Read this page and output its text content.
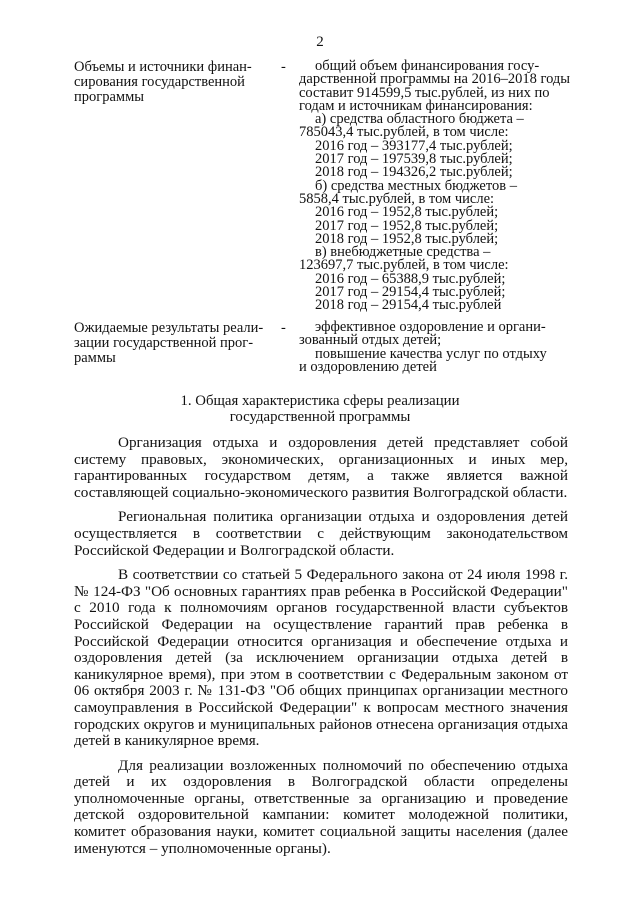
2
Объемы и источники финан-
сирования государственной
программы
- общий объем финансирования госу-
дарственной программы на 2016–2018 годы
составит 914599,5 тыс.рублей, из них по
годам и источникам финансирования:
а) средства областного бюджета –
785043,4 тыс.рублей, в том числе:
2016 год – 393177,4 тыс.рублей;
2017 год – 197539,8 тыс.рублей;
2018 год – 194326,2 тыс.рублей;
б) средства местных бюджетов –
5858,4 тыс.рублей, в том числе:
2016 год – 1952,8 тыс.рублей;
2017 год – 1952,8 тыс.рублей;
2018 год – 1952,8 тыс.рублей;
в) внебюджетные средства –
123697,7 тыс.рублей, в том числе:
2016 год – 65388,9 тыс.рублей;
2017 год – 29154,4 тыс.рублей;
2018 год – 29154,4 тыс.рублей
Ожидаемые результаты реали-
зации государственной прог-
раммы
- эффективное оздоровление и органи-
зованный отдых детей;
повышение качества услуг по отдыху
и оздоровлению детей
1. Общая характеристика сферы реализации
государственной программы

Организация отдыха и оздоровления детей представляет собой систему правовых, экономических, организационных и иных мер, гарантированных государством детям, а также является важной составляющей социально-экономического развития Волгоградской области.

Региональная политика организации отдыха и оздоровления детей осуществляется в соответствии с действующим законодательством Российской Федерации и Волгоградской области.

В соответствии со статьей 5 Федерального закона от 24 июля 1998 г. № 124-ФЗ "Об основных гарантиях прав ребенка в Российской Федерации" с 2010 года к полномочиям органов государственной власти субъектов Российской Федерации на осуществление гарантий прав ребенка в Российской Федерации относится организация и обеспечение отдыха и оздоровления детей (за исключением организации отдыха детей в каникулярное время), при этом в соответствии с Федеральным законом от 06 октября 2003 г. № 131-ФЗ "Об общих принципах организации местного самоуправления в Российской Федерации" к вопросам местного значения городских округов и муниципальных районов отнесена организация отдыха детей в каникулярное время.

Для реализации возложенных полномочий по обеспечению отдыха детей и их оздоровления в Волгоградской области определены уполномоченные органы, ответственные за организацию и проведение детской оздоровительной кампании: комитет молодежной политики, комитет образования науки, комитет социальной защиты населения (далее именуются – уполномоченные органы).
